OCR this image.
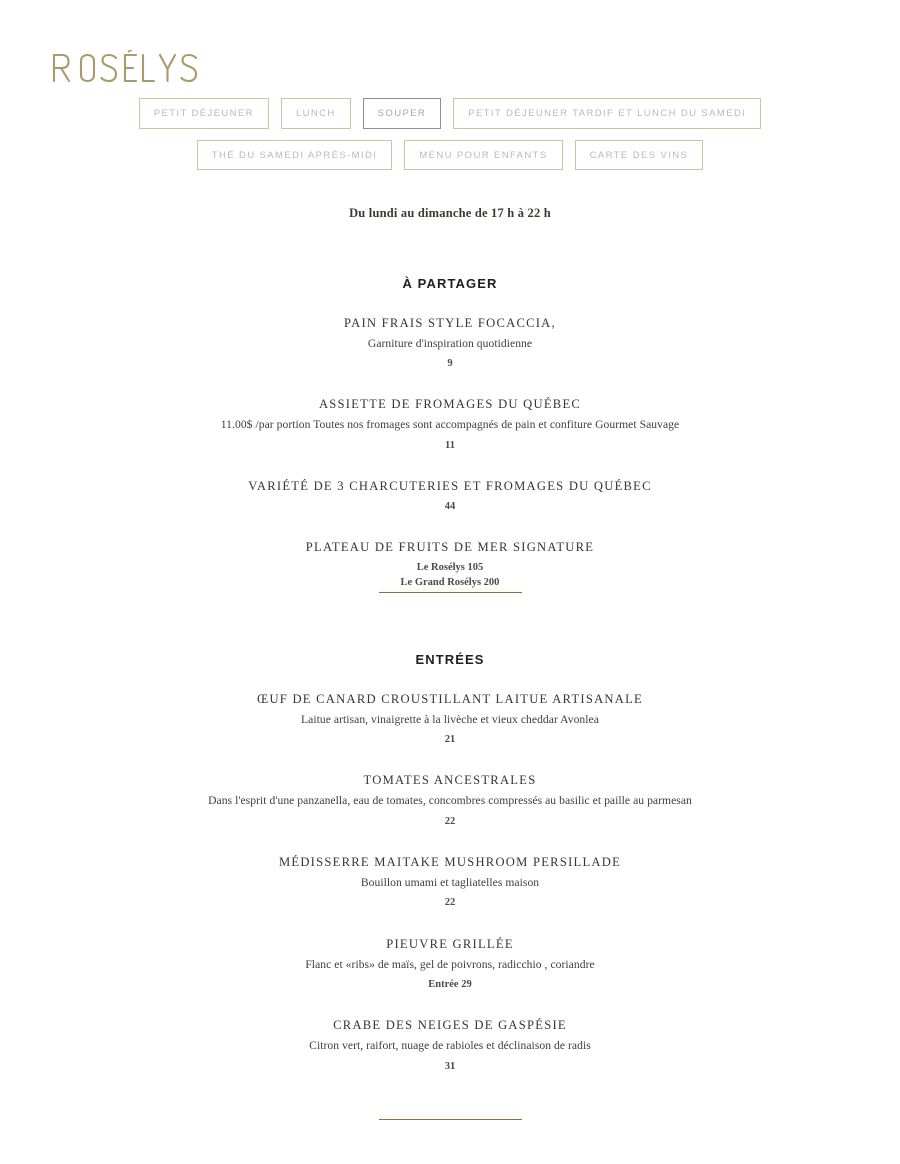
PETIT DÉJEUNER	LUNCH	SOUPER	PETIT DÉJEUNER TARDIF ET LUNCH DU SAMEDI
THÉ DU SAMEDI APRÈS-MIDI	MENU POUR ENFANTS	CARTE DES VINS
Du lundi au dimanche de 17 h à 22 h
À PARTAGER
PAIN FRAIS STYLE FOCACCIA,
Garniture d'inspiration quotidienne
9
ASSIETTE DE FROMAGES DU QUÉBEC
11.00$ /par portion Toutes nos fromages sont accompagnés de pain et confiture Gourmet Sauvage
11
VARIÉTÉ DE 3 CHARCUTERIES ET FROMAGES DU QUÉBEC
44
PLATEAU DE FRUITS DE MER SIGNATURE
Le Rosélys 105
Le Grand Rosélys 200
ENTRÉES
ŒUF DE CANARD CROUSTILLANT LAITUE ARTISANALE
Laitue artisan, vinaigrette à la livèche et vieux cheddar Avonlea
21
TOMATES ANCESTRALES
Dans l'esprit d'une panzanella, eau de tomates, concombres compressés au basilic et paille au parmesan
22
MÉDISSERRE MAITAKE MUSHROOM PERSILLADE
Bouillon umami et tagliatelles maison
22
PIEUVRE GRILLÉE
Flanc et «ribs» de maïs, gel de poivrons, radicchio , coriandre
Entrée 29
CRABE DES NEIGES DE GASPÉSIE
Citron vert, raifort, nuage de rabioles et déclinaison de radis
31
